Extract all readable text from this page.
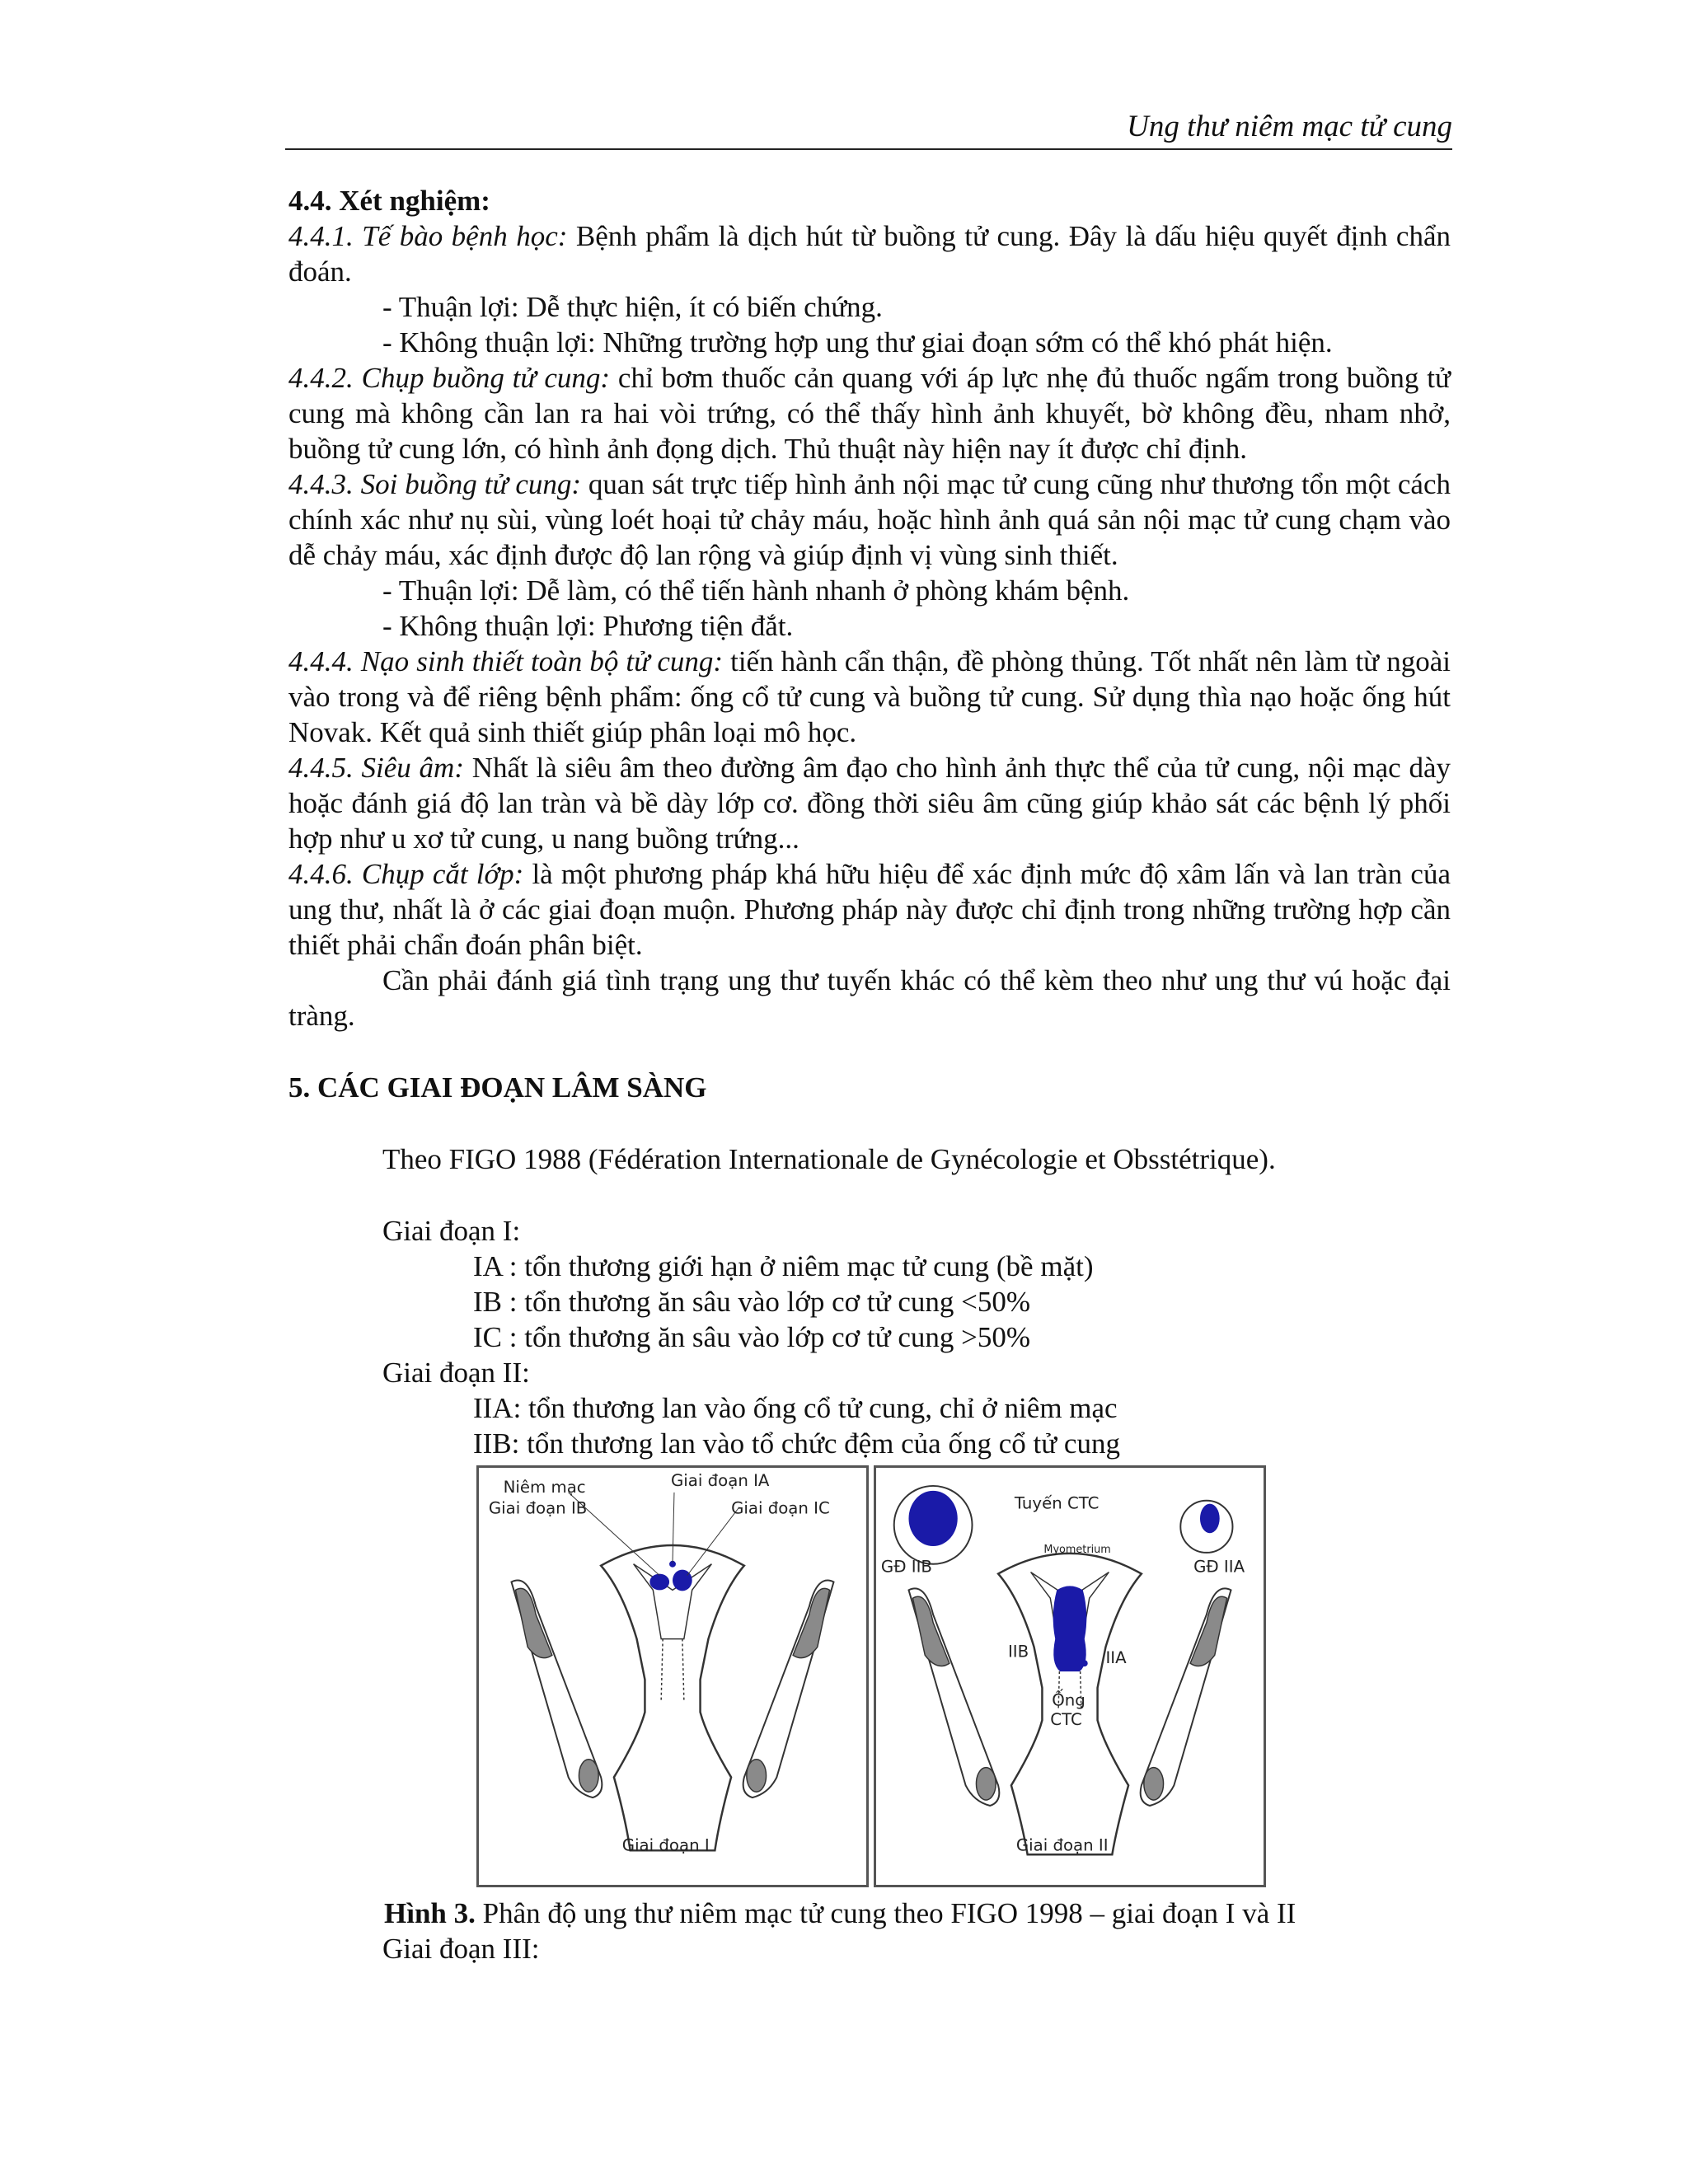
Ung thư niêm mạc tử cung

4.4. Xét nghiệm:

4.4.1. Tế bào bệnh học: Bệnh phẩm là dịch hút từ buồng tử cung. Đây là dấu hiệu quyết định chẩn đoán.

- Thuận lợi: Dễ thực hiện, ít có biến chứng.

- Không thuận lợi: Những trường hợp ung thư giai đoạn sớm có thể khó phát hiện.

4.4.2. Chụp buồng tử cung: chỉ bơm thuốc cản quang với áp lực nhẹ đủ thuốc ngấm trong buồng tử cung mà không cần lan ra hai vòi trứng, có thể thấy hình ảnh khuyết, bờ không đều, nham nhở, buồng tử cung lớn, có hình ảnh đọng dịch. Thủ thuật này hiện nay ít được chỉ định.

4.4.3. Soi buồng tử cung: quan sát trực tiếp hình ảnh nội mạc tử cung cũng như thương tổn một cách chính xác như nụ sùi, vùng loét hoại tử chảy máu, hoặc hình ảnh quá sản nội mạc tử cung chạm vào dễ chảy máu, xác định được độ lan rộng và giúp định vị vùng sinh thiết.

- Thuận lợi: Dễ làm, có thể tiến hành nhanh ở phòng khám bệnh.

- Không thuận lợi: Phương tiện đắt.

4.4.4. Nạo sinh thiết toàn bộ tử cung: tiến hành cẩn thận, đề phòng thủng. Tốt nhất nên làm từ ngoài vào trong và để riêng bệnh phẩm: ống cổ tử cung và buồng tử cung. Sử dụng thìa nạo hoặc ống hút Novak. Kết quả sinh thiết giúp phân loại mô học.

4.4.5. Siêu âm: Nhất là siêu âm theo đường âm đạo cho hình ảnh thực thể của tử cung, nội mạc dày hoặc đánh giá độ lan tràn và bề dày lớp cơ. đồng thời siêu âm cũng giúp khảo sát các bệnh lý phối hợp như u xơ tử cung, u nang buồng trứng...

4.4.6. Chụp cắt lớp: là một phương pháp khá hữu hiệu để xác định mức độ xâm lấn và lan tràn của ung thư, nhất là ở các giai đoạn muộn. Phương pháp này được chỉ định trong những trường hợp cần thiết phải chẩn đoán phân biệt.

Cần phải đánh giá tình trạng ung thư tuyến khác có thể kèm theo như ung thư vú hoặc đại tràng.

5. CÁC GIAI ĐOẠN LÂM SÀNG

Theo FIGO 1988 (Fédération Internationale de Gynécologie et Obsstétrique).

Giai đoạn I:

IA : tổn thương giới hạn ở niêm mạc tử cung (bề mặt)

IB : tổn thương ăn sâu vào lớp cơ tử cung <50%

IC : tổn thương ăn sâu vào lớp cơ tử cung >50%

Giai đoạn II:

IIA: tổn thương lan vào ống cổ tử cung, chỉ ở niêm mạc

IIB: tổn thương lan vào tổ chức đệm của ống cổ tử cung

Niêm mạc
Giai đoạn IB
Giai đoạn IA
Giai đoạn IC
Giai đoạn I
Tuyến CTC
Myometrium
GĐ IIB	GĐ IIA
IIB	IIA
Ống
CTC
Giai đoạn II
Hình 3. Phân độ ung thư niêm mạc tử cung theo FIGO 1998 – giai đoạn I và II
Giai đoạn III:
